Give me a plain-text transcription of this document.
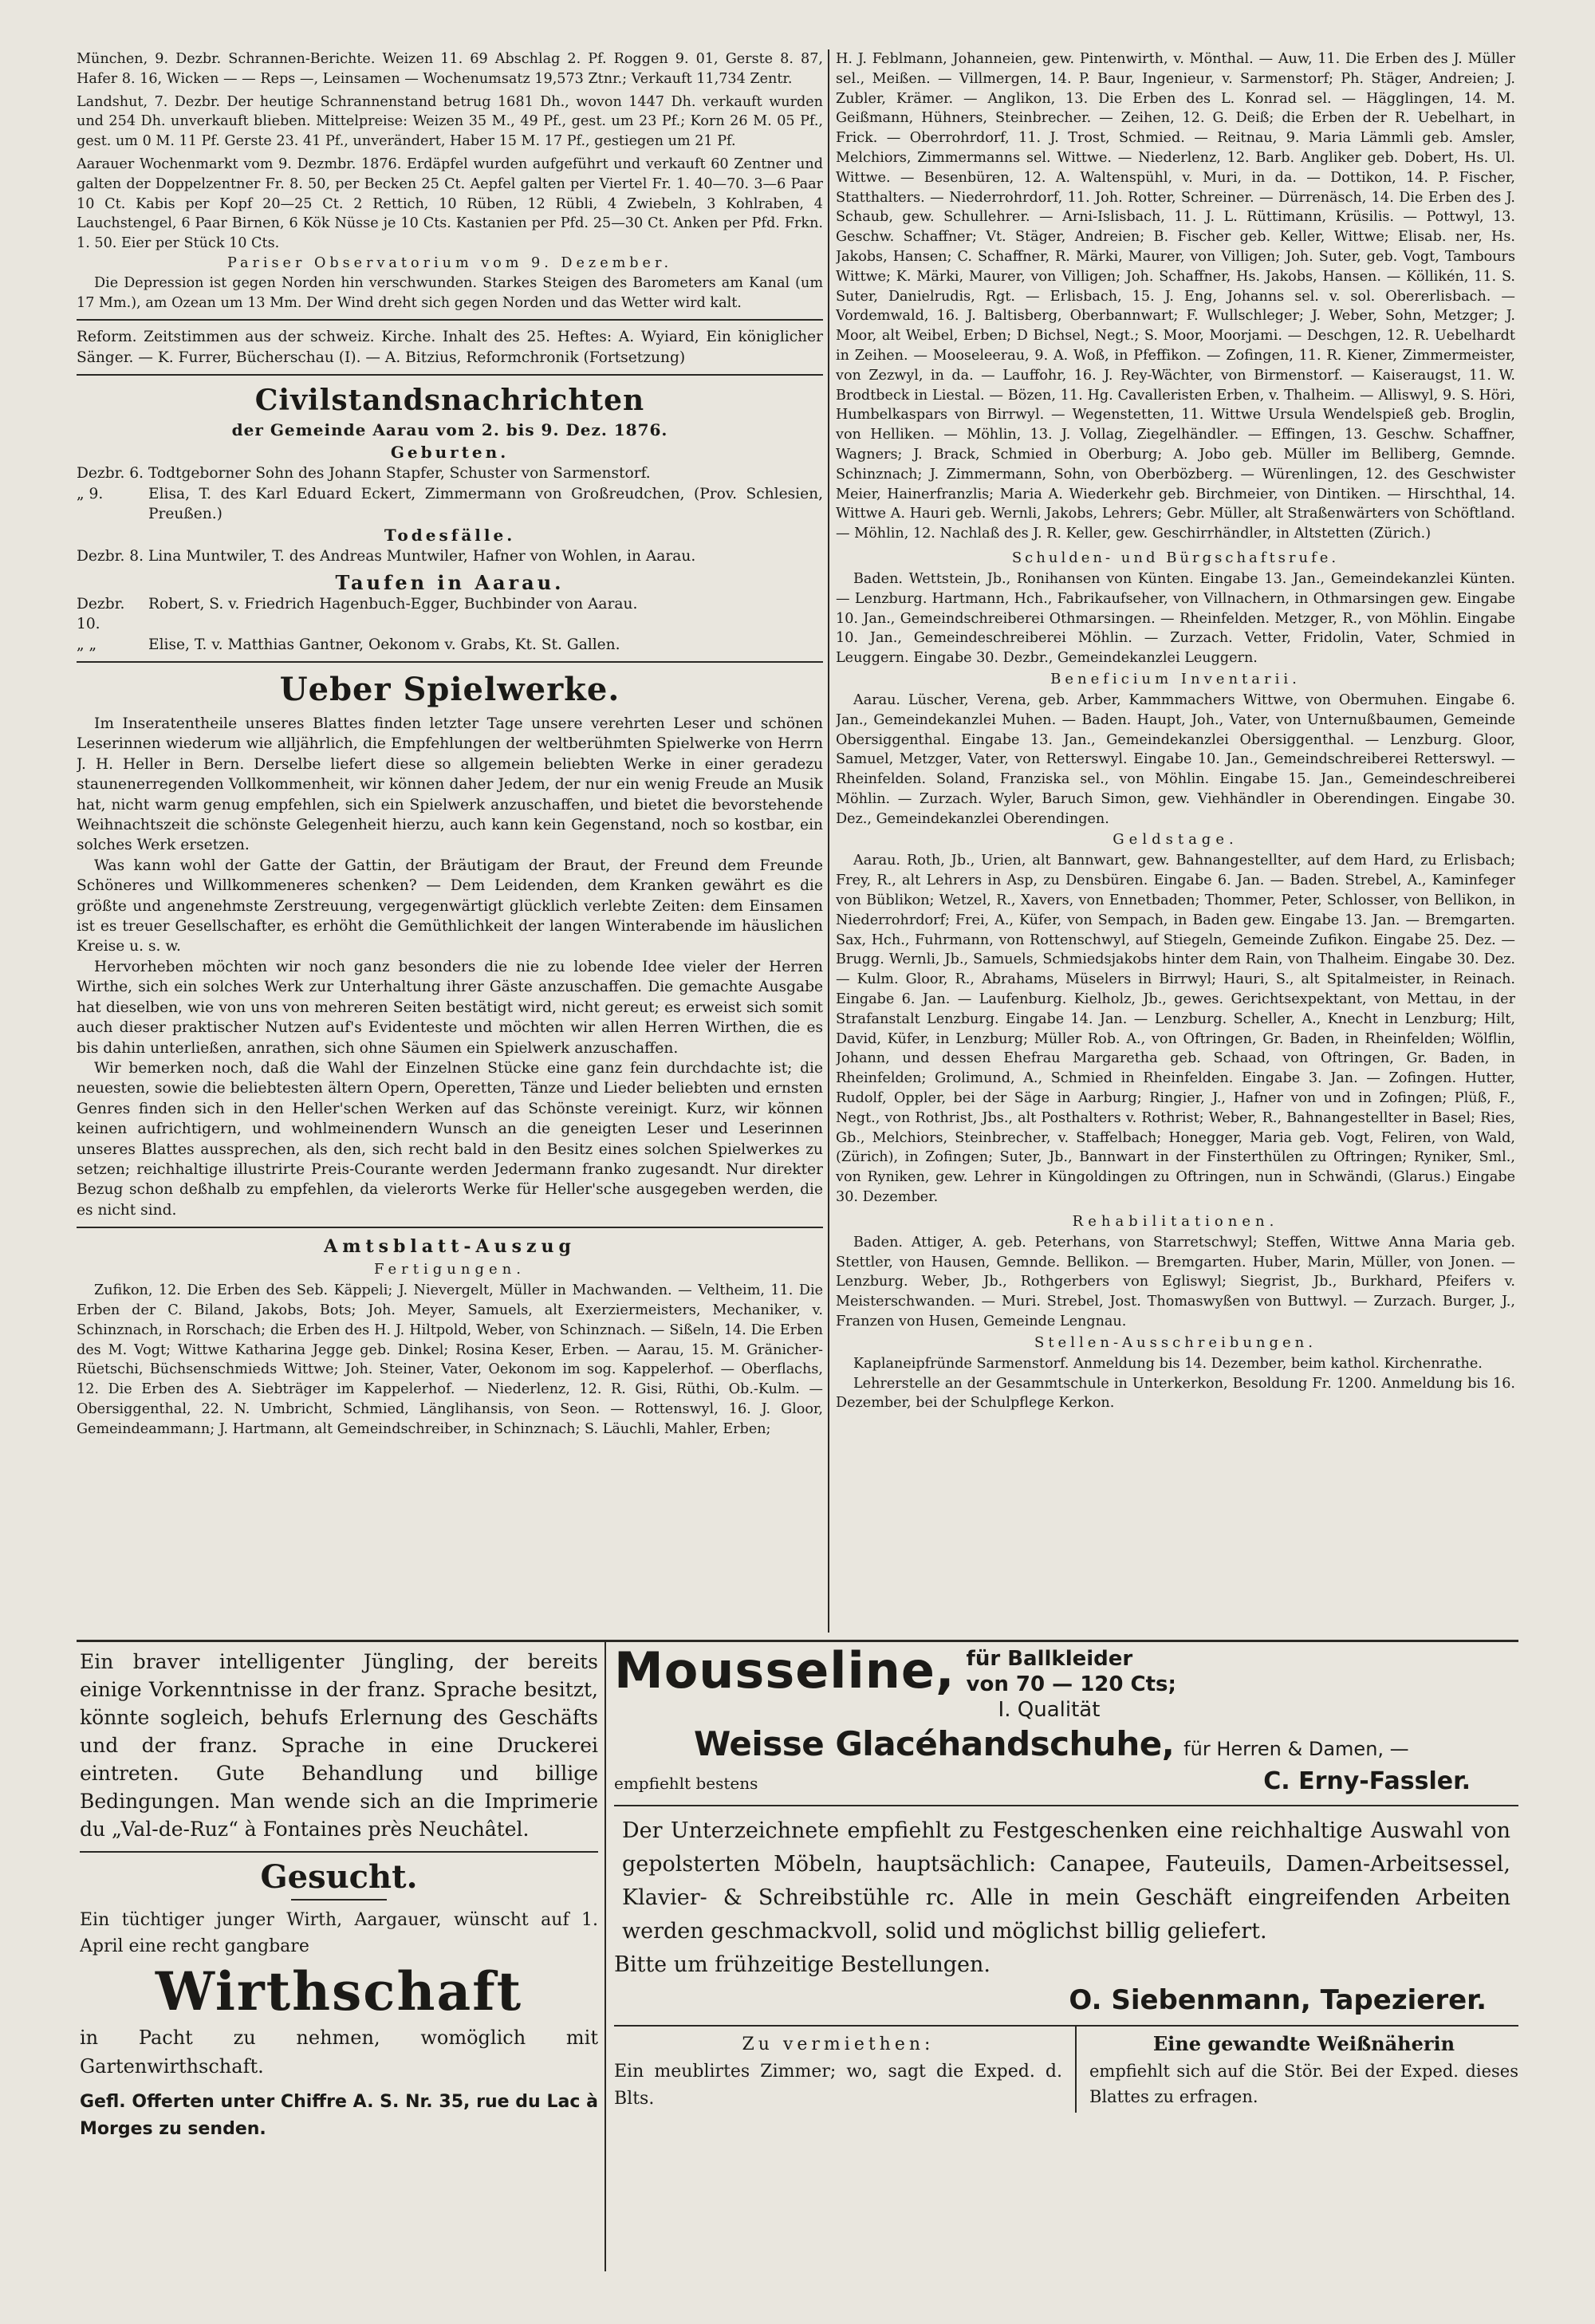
München, 9. Dezbr. Schrannen-Berichte. Weizen 11. 69 Abschlag 2. Pf. Roggen 9. 01, Gerste 8. 87, Hafer 8. 16, Wicken — — Reps —, Leinsamen — Wochenumsatz 19,573 Ztnr.; Verkauft 11,734 Zentr.

Landshut, 7. Dezbr. Der heutige Schrannenstand betrug 1681 Dh., wovon 1447 Dh. verkauft wurden und 254 Dh. unverkauft blieben. Mittelpreise: Weizen 35 M., 49 Pf., gest. um 23 Pf.; Korn 26 M. 05 Pf., gest. um 0 M. 11 Pf. Gerste 23. 41 Pf., unverändert, Haber 15 M. 17 Pf., gestiegen um 21 Pf.

Aarauer Wochenmarkt vom 9. Dezmbr. 1876. Erdäpfel wurden aufgeführt und verkauft 60 Zentner und galten der Doppelzentner Fr. 8. 50, per Becken 25 Ct. Aepfel galten per Viertel Fr. 1. 40—70. 3—6 Paar 10 Ct. Kabis per Kopf 20—25 Ct. 2 Rettich, 10 Rüben, 12 Rübli, 4 Zwiebeln, 3 Kohlraben, 4 Lauchstengel, 6 Paar Birnen, 6 Kök Nüsse je 10 Cts. Kastanien per Pfd. 25—30 Ct. Anken per Pfd. Frkn. 1. 50. Eier per Stück 10 Cts.

Pariser Observatorium vom 9. Dezember.

Die Depression ist gegen Norden hin verschwunden. Starkes Steigen des Barometers am Kanal (um 17 Mm.), am Ozean um 13 Mm. Der Wind dreht sich gegen Norden und das Wetter wird kalt.

Reform. Zeitstimmen aus der schweiz. Kirche. Inhalt des 25. Heftes: A. Wyiard, Ein königlicher Sänger. — K. Furrer, Bücherschau (I). — A. Bitzius, Reformchronik (Fortsetzung)

Civilstandsnachrichten
der Gemeinde Aarau vom 2. bis 9. Dez. 1876.
Geburten.
Dezbr. 6. Todtgeborner Sohn des Johann Stapfer, Schuster von Sarmenstorf.
„ 9.	Elisa, T. des Karl Eduard Eckert, Zimmermann von Großreudchen, (Prov. Schlesien, Preußen.)
Todesfälle.
Dezbr. 8. Lina Muntwiler, T. des Andreas Muntwiler, Hafner von Wohlen, in Aarau.
Taufen in Aarau.
Dezbr. 10.
Robert, S. v. Friedrich Hagenbuch-Egger, Buchbinder von Aarau.
„ „	Elise, T. v. Matthias Gantner, Oekonom v. Grabs, Kt. St. Gallen.
Ueber Spielwerke.

Im Inseratentheile unseres Blattes finden letzter Tage unsere verehrten Leser und schönen Leserinnen wiederum wie alljährlich, die Empfehlungen der weltberühmten Spielwerke von Herrn J. H. Heller in Bern. Derselbe liefert diese so allgemein beliebten Werke in einer geradezu staunenerregenden Vollkommenheit, wir können daher Jedem, der nur ein wenig Freude an Musik hat, nicht warm genug empfehlen, sich ein Spielwerk anzuschaffen, und bietet die bevorstehende Weihnachtszeit die schönste Gelegenheit hierzu, auch kann kein Gegenstand, noch so kostbar, ein solches Werk ersetzen.

Was kann wohl der Gatte der Gattin, der Bräutigam der Braut, der Freund dem Freunde Schöneres und Willkommeneres schenken? — Dem Leidenden, dem Kranken gewährt es die größte und angenehmste Zerstreuung, vergegenwärtigt glücklich verlebte Zeiten: dem Einsamen ist es treuer Gesellschafter, es erhöht die Gemüthlichkeit der langen Winterabende im häuslichen Kreise u. s. w.

Hervorheben möchten wir noch ganz besonders die nie zu lobende Idee vieler der Herren Wirthe, sich ein solches Werk zur Unterhaltung ihrer Gäste anzuschaffen. Die gemachte Ausgabe hat dieselben, wie von uns von mehreren Seiten bestätigt wird, nicht gereut; es erweist sich somit auch dieser praktischer Nutzen auf's Evidenteste und möchten wir allen Herren Wirthen, die es bis dahin unterließen, anrathen, sich ohne Säumen ein Spielwerk anzuschaffen.

Wir bemerken noch, daß die Wahl der Einzelnen Stücke eine ganz fein durchdachte ist; die neuesten, sowie die beliebtesten ältern Opern, Operetten, Tänze und Lieder beliebten und ernsten Genres finden sich in den Heller'schen Werken auf das Schönste vereinigt. Kurz, wir können keinen aufrichtigern, und wohlmeinendern Wunsch an die geneigten Leser und Leserinnen unseres Blattes aussprechen, als den, sich recht bald in den Besitz eines solchen Spielwerkes zu setzen; reichhaltige illustrirte Preis-Courante werden Jedermann franko zugesandt. Nur direkter Bezug schon deßhalb zu empfehlen, da vielerorts Werke für Heller'sche ausgegeben werden, die es nicht sind.

Amtsblatt-Auszug
Fertigungen.

Zufikon, 12. Die Erben des Seb. Käppeli; J. Nievergelt, Müller in Machwanden. — Veltheim, 11. Die Erben der C. Biland, Jakobs, Bots; Joh. Meyer, Samuels, alt Exerziermeisters, Mechaniker, v. Schinznach, in Rorschach; die Erben des H. J. Hiltpold, Weber, von Schinznach. — Sißeln, 14. Die Erben des M. Vogt; Wittwe Katharina Jegge geb. Dinkel; Rosina Keser, Erben. — Aarau, 15. M. Gränicher-Rüetschi, Büchsenschmieds Wittwe; Joh. Steiner, Vater, Oekonom im sog. Kappelerhof. — Oberflachs, 12. Die Erben des A. Siebträger im Kappelerhof. — Niederlenz, 12. R. Gisi, Rüthi, Ob.-Kulm. — Obersiggenthal, 22. N. Umbricht, Schmied, Länglihansis, von Seon. — Rottenswyl, 16. J. Gloor, Gemeindeammann; J. Hartmann, alt Gemeindschreiber, in Schinznach; S. Läuchli, Mahler, Erben;

H. J. Feblmann, Johanneien, gew. Pintenwirth, v. Mönthal. — Auw, 11. Die Erben des J. Müller sel., Meißen. — Villmergen, 14. P. Baur, Ingenieur, v. Sarmenstorf; Ph. Stäger, Andreien; J. Zubler, Krämer. — Anglikon, 13. Die Erben des L. Konrad sel. — Hägglingen, 14. M. Geißmann, Hühners, Steinbrecher. — Zeihen, 12. G. Deiß; die Erben der R. Uebelhart, in Frick. — Oberrohrdorf, 11. J. Trost, Schmied. — Reitnau, 9. Maria Lämmli geb. Amsler, Melchiors, Zimmermanns sel. Wittwe. — Niederlenz, 12. Barb. Angliker geb. Dobert, Hs. Ul. Wittwe. — Besenbüren, 12. A. Waltenspühl, v. Muri, in da. — Dottikon, 14. P. Fischer, Statthalters. — Niederrohrdorf, 11. Joh. Rotter, Schreiner. — Dürrenäsch, 14. Die Erben des J. Schaub, gew. Schullehrer. — Arni-Islisbach, 11. J. L. Rüttimann, Krüsilis. — Pottwyl, 13. Geschw. Schaffner; Vt. Stäger, Andreien; B. Fischer geb. Keller, Wittwe; Elisab. ner, Hs. Jakobs, Hansen; C. Schaffner, R. Märki, Maurer, von Villigen; Joh. Suter, geb. Vogt, Tambours Wittwe; K. Märki, Maurer, von Villigen; Joh. Schaffner, Hs. Jakobs, Hansen. — Köllikén, 11. S. Suter, Danielrudis, Rgt. — Erlisbach, 15. J. Eng, Johanns sel. v. sol. Obererlisbach. — Vordemwald, 16. J. Baltisberg, Oberbannwart; F. Wullschleger; J. Weber, Sohn, Metzger; J. Moor, alt Weibel, Erben; D Bichsel, Negt.; S. Moor, Moorjami. — Deschgen, 12. R. Uebelhardt in Zeihen. — Mooseleerau, 9. A. Woß, in Pfeffikon. — Zofingen, 11. R. Kiener, Zimmermeister, von Zezwyl, in da. — Lauffohr, 16. J. Rey-Wächter, von Birmenstorf. — Kaiseraugst, 11. W. Brodtbeck in Liestal. — Bözen, 11. Hg. Cavalleristen Erben, v. Thalheim. — Alliswyl, 9. S. Höri, Humbelkaspars von Birrwyl. — Wegenstetten, 11. Wittwe Ursula Wendelspieß geb. Broglin, von Helliken. — Möhlin, 13. J. Vollag, Ziegelhändler. — Effingen, 13. Geschw. Schaffner, Wagners; J. Brack, Schmied in Oberburg; A. Jobo geb. Müller im Belliberg, Gemnde. Schinznach; J. Zimmermann, Sohn, von Oberbözberg. — Würenlingen, 12. des Geschwister Meier, Hainerfranzlis; Maria A. Wiederkehr geb. Birchmeier, von Dintiken. — Hirschthal, 14. Wittwe A. Hauri geb. Wernli, Jakobs, Lehrers; Gebr. Müller, alt Straßenwärters von Schöftland. — Möhlin, 12. Nachlaß des J. R. Keller, gew. Geschirrhändler, in Altstetten (Zürich.)

Schulden- und Bürgschaftsrufe.

Baden. Wettstein, Jb., Ronihansen von Künten. Eingabe 13. Jan., Gemeindekanzlei Künten. — Lenzburg. Hartmann, Hch., Fabrikaufseher, von Villnachern, in Othmarsingen gew. Eingabe 10. Jan., Gemeindschreiberei Othmarsingen. — Rheinfelden. Metzger, R., von Möhlin. Eingabe 10. Jan., Gemeindeschreiberei Möhlin. — Zurzach. Vetter, Fridolin, Vater, Schmied in Leuggern. Eingabe 30. Dezbr., Gemeindekanzlei Leuggern.

Beneficium Inventarii.

Aarau. Lüscher, Verena, geb. Arber, Kammmachers Wittwe, von Obermuhen. Eingabe 6. Jan., Gemeindekanzlei Muhen. — Baden. Haupt, Joh., Vater, von Unternußbaumen, Gemeinde Obersiggenthal. Eingabe 13. Jan., Gemeindekanzlei Obersiggenthal. — Lenzburg. Gloor, Samuel, Metzger, Vater, von Retterswyl. Eingabe 10. Jan., Gemeindschreiberei Retterswyl. — Rheinfelden. Soland, Franziska sel., von Möhlin. Eingabe 15. Jan., Gemeindeschreiberei Möhlin. — Zurzach. Wyler, Baruch Simon, gew. Viehhändler in Oberendingen. Eingabe 30. Dez., Gemeindekanzlei Oberendingen.

Geldstage.

Aarau. Roth, Jb., Urien, alt Bannwart, gew. Bahnangestellter, auf dem Hard, zu Erlisbach; Frey, R., alt Lehrers in Asp, zu Densbüren. Eingabe 6. Jan. — Baden. Strebel, A., Kaminfeger von Büblikon; Wetzel, R., Xavers, von Ennetbaden; Thommer, Peter, Schlosser, von Bellikon, in Niederrohrdorf; Frei, A., Küfer, von Sempach, in Baden gew. Eingabe 13. Jan. — Bremgarten. Sax, Hch., Fuhrmann, von Rottenschwyl, auf Stiegeln, Gemeinde Zufikon. Eingabe 25. Dez. — Brugg. Wernli, Jb., Samuels, Schmiedsjakobs hinter dem Rain, von Thalheim. Eingabe 30. Dez. — Kulm. Gloor, R., Abrahams, Müselers in Birrwyl; Hauri, S., alt Spitalmeister, in Reinach. Eingabe 6. Jan. — Laufenburg. Kielholz, Jb., gewes. Gerichtsexpektant, von Mettau, in der Strafanstalt Lenzburg. Eingabe 14. Jan. — Lenzburg. Scheller, A., Knecht in Lenzburg; Hilt, David, Küfer, in Lenzburg; Müller Rob. A., von Oftringen, Gr. Baden, in Rheinfelden; Wölflin, Johann, und dessen Ehefrau Margaretha geb. Schaad, von Oftringen, Gr. Baden, in Rheinfelden; Grolimund, A., Schmied in Rheinfelden. Eingabe 3. Jan. — Zofingen. Hutter, Rudolf, Oppler, bei der Säge in Aarburg; Ringier, J., Hafner von und in Zofingen; Plüß, F., Negt., von Rothrist, Jbs., alt Posthalters v. Rothrist; Weber, R., Bahnangestellter in Basel; Ries, Gb., Melchiors, Steinbrecher, v. Staffelbach; Honegger, Maria geb. Vogt, Feliren, von Wald, (Zürich), in Zofingen; Suter, Jb., Bannwart in der Finsterthülen zu Oftringen; Ryniker, Sml., von Ryniken, gew. Lehrer in Küngoldingen zu Oftringen, nun in Schwändi, (Glarus.) Eingabe 30. Dezember.

Rehabilitationen.

Baden. Attiger, A. geb. Peterhans, von Starretschwyl; Steffen, Wittwe Anna Maria geb. Stettler, von Hausen, Gemnde. Bellikon. — Bremgarten. Huber, Marin, Müller, von Jonen. — Lenzburg. Weber, Jb., Rothgerbers von Egliswyl; Siegrist, Jb., Burkhard, Pfeifers v. Meisterschwanden. — Muri. Strebel, Jost. Thomaswyßen von Buttwyl. — Zurzach. Burger, J., Franzen von Husen, Gemeinde Lengnau.

Stellen-Ausschreibungen.

Kaplaneipfründe Sarmenstorf. Anmeldung bis 14. Dezember, beim kathol. Kirchenrathe.

Lehrerstelle an der Gesammtschule in Unterkerkon, Besoldung Fr. 1200. Anmeldung bis 16. Dezember, bei der Schulpflege Kerkon.

Ein braver intelligenter Jüngling, der bereits einige Vorkenntnisse in der franz. Sprache besitzt, könnte sogleich, behufs Erlernung des Geschäfts und der franz. Sprache in eine Druckerei eintreten. Gute Behandlung und billige Bedingungen. Man wende sich an die Imprimerie du „Val-de-Ruz“ à Fontaines près Neuchâtel.

Gesucht.

Ein tüchtiger junger Wirth, Aargauer, wünscht auf 1. April eine recht gangbare

Wirthschaft

in Pacht zu nehmen, womöglich mit Gartenwirthschaft.

Gefl. Offerten unter Chiffre A. S. Nr. 35, rue du Lac à Morges zu senden.

Mousseline, für Ballkleider
von 70 — 120 Cts;
I. Qualität
Weisse Glacéhandschuhe, für Herren & Damen, —
empfiehlt bestens	C. Erny-Fassler.

Der Unterzeichnete empfiehlt zu Festgeschenken eine reichhaltige Auswahl von gepolsterten Möbeln, hauptsächlich: Canapee, Fauteuils, Damen-Arbeitsessel, Klavier- & Schreibstühle rc. Alle in mein Geschäft eingreifenden Arbeiten werden geschmackvoll, solid und möglichst billig geliefert.

Bitte um frühzeitige Bestellungen.

O. Siebenmann, Tapezierer.
Zu vermiethen:

Ein meublirtes Zimmer; wo, sagt die Exped. d. Blts.

Eine gewandte Weißnäherin

empfiehlt sich auf die Stör. Bei der Exped. dieses Blattes zu erfragen.
